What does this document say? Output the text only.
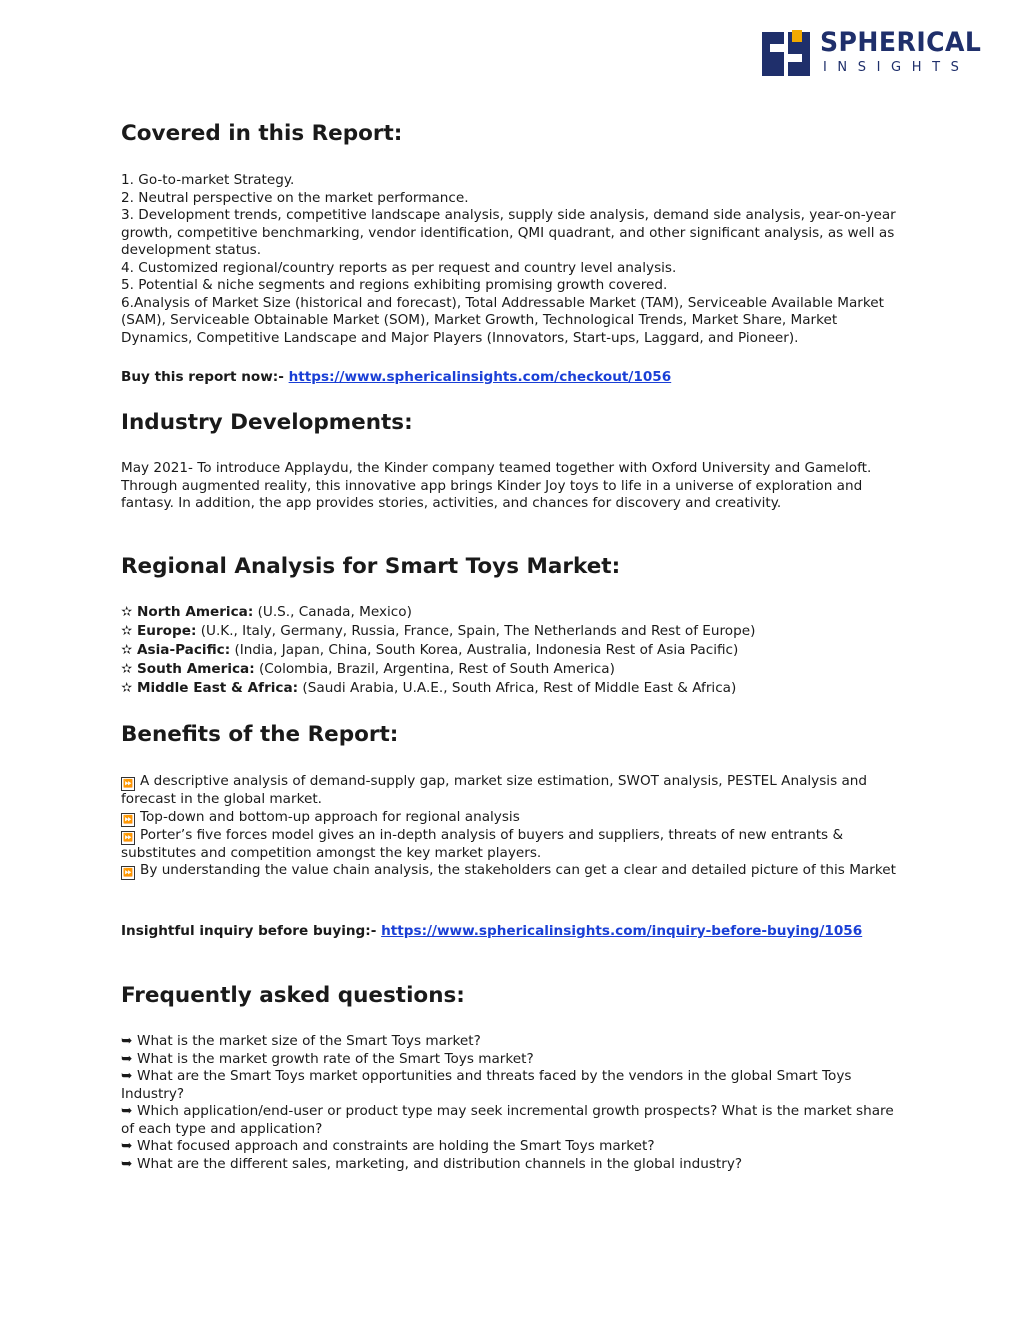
SPHERICAL
INSIGHTS
Covered in this Report:
1. Go-to-market Strategy.
2. Neutral perspective on the market performance.
3. Development trends, competitive landscape analysis, supply side analysis, demand side analysis, year-on-year growth, competitive benchmarking, vendor identification, QMI quadrant, and other significant analysis, as well as development status.
4. Customized regional/country reports as per request and country level analysis.
5. Potential & niche segments and regions exhibiting promising growth covered.
6.Analysis of Market Size (historical and forecast), Total Addressable Market (TAM), Serviceable Available Market (SAM), Serviceable Obtainable Market (SOM), Market Growth, Technological Trends, Market Share, Market Dynamics, Competitive Landscape and Major Players (Innovators, Start-ups, Laggard, and Pioneer).
Buy this report now:- https://www.sphericalinsights.com/checkout/1056
Industry Developments:
May 2021- To introduce Applaydu, the Kinder company teamed together with Oxford University and Gameloft. Through augmented reality, this innovative app brings Kinder Joy toys to life in a universe of exploration and fantasy. In addition, the app provides stories, activities, and chances for discovery and creativity.
Regional Analysis for Smart Toys Market:
✫ North America: (U.S., Canada, Mexico)
✫ Europe: (U.K., Italy, Germany, Russia, France, Spain, The Netherlands and Rest of Europe)
✫ Asia-Pacific: (India, Japan, China, South Korea, Australia, Indonesia Rest of Asia Pacific)
✫ South America: (Colombia, Brazil, Argentina, Rest of South America)
✫ Middle East & Africa: (Saudi Arabia, U.A.E., South Africa, Rest of Middle East & Africa)
Benefits of the Report:
⏩ A descriptive analysis of demand-supply gap, market size estimation, SWOT analysis, PESTEL Analysis and forecast in the global market.
⏩ Top-down and bottom-up approach for regional analysis
⏩ Porter’s five forces model gives an in-depth analysis of buyers and suppliers, threats of new entrants & substitutes and competition amongst the key market players.
⏩ By understanding the value chain analysis, the stakeholders can get a clear and detailed picture of this Market
Insightful inquiry before buying:- https://www.sphericalinsights.com/inquiry-before-buying/1056
Frequently asked questions:
➥ What is the market size of the Smart Toys market?
➥ What is the market growth rate of the Smart Toys market?
➥ What are the Smart Toys market opportunities and threats faced by the vendors in the global Smart Toys Industry?
➥ Which application/end-user or product type may seek incremental growth prospects? What is the market share of each type and application?
➥ What focused approach and constraints are holding the Smart Toys market?
➥ What are the different sales, marketing, and distribution channels in the global industry?
